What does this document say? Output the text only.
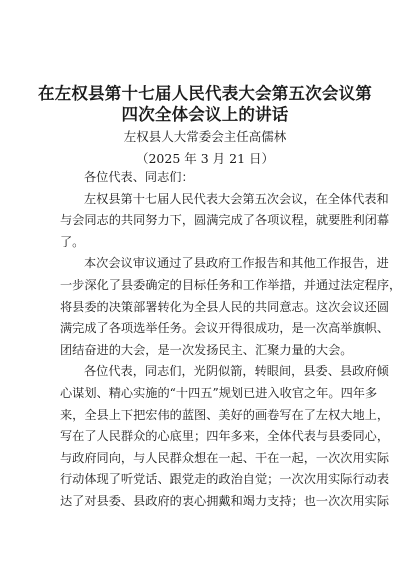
在左权县第十七届人民代表大会第五次会议第
四次全体会议上的讲话

左权县人大常委会主任高儒林

（2025 年 3 月 21 日）

各位代表、同志们：
左权县第十七届人民代表大会第五次会议，在全体代表和
与会同志的共同努力下，圆满完成了各项议程，就要胜利闭幕
了。
本次会议审议通过了县政府工作报告和其他工作报告，进
一步深化了县委确定的目标任务和工作举措，并通过法定程序，
将县委的决策部署转化为全县人民的共同意志。这次会议还圆
满完成了各项选举任务。会议开得很成功，是一次高举旗帜、
团结奋进的大会，是一次发扬民主、汇聚力量的大会。
各位代表，同志们，光阴似箭，转眼间，县委、县政府倾
心谋划、精心实施的“十四五”规划已进入收官之年。四年多
来，全县上下把宏伟的蓝图、美好的画卷写在了左权大地上，
写在了人民群众的心底里；四年多来，全体代表与县委同心，
与政府同向，与人民群众想在一起、干在一起，一次次用实际
行动体现了听党话、跟党走的政治自觉；一次次用实际行动表
达了对县委、县政府的衷心拥戴和竭力支持；也一次次用实际
